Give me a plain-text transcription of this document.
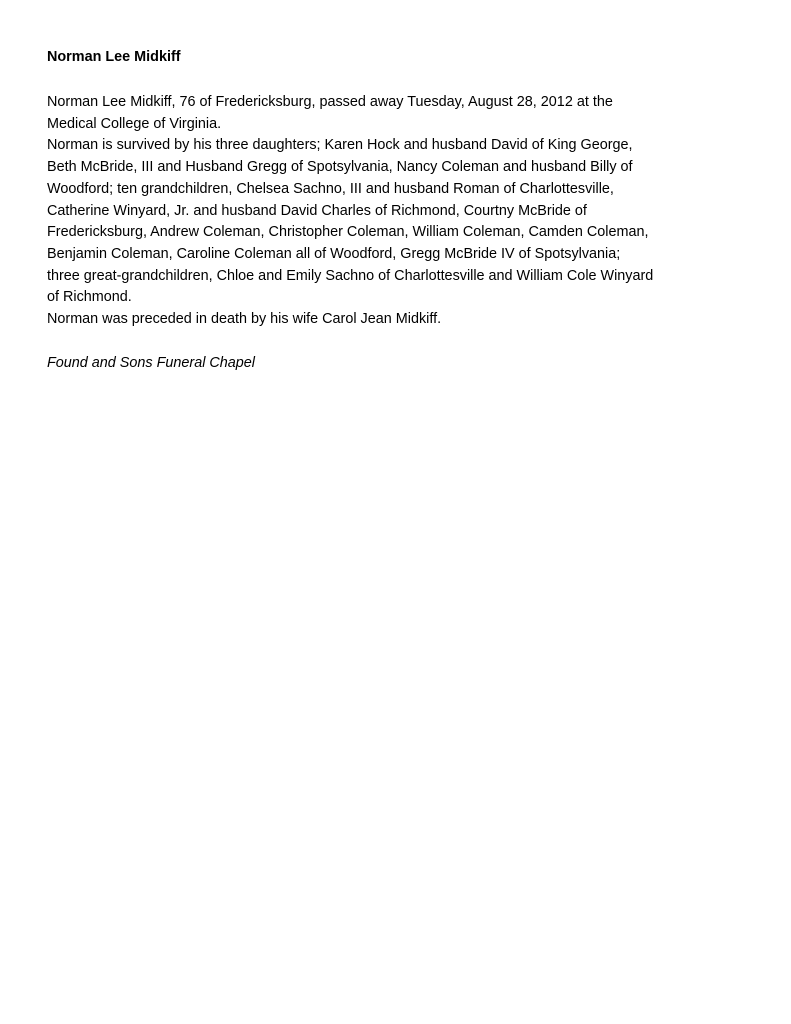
Norman Lee Midkiff
Norman Lee Midkiff, 76 of Fredericksburg, passed away Tuesday, August 28, 2012 at the
Medical College of Virginia.
Norman is survived by his three daughters; Karen Hock and husband David of King George,
Beth McBride, III and Husband Gregg of Spotsylvania, Nancy Coleman and husband Billy of
Woodford; ten grandchildren, Chelsea Sachno, III and husband Roman of Charlottesville,
Catherine Winyard, Jr. and husband David Charles of Richmond, Courtny McBride of
Fredericksburg, Andrew Coleman, Christopher Coleman, William Coleman, Camden Coleman,
Benjamin Coleman, Caroline Coleman all of Woodford, Gregg McBride IV of Spotsylvania;
three great-grandchildren, Chloe and Emily Sachno of Charlottesville and William Cole Winyard
of Richmond.
Norman was preceded in death by his wife Carol Jean Midkiff.
Found and Sons Funeral Chapel
